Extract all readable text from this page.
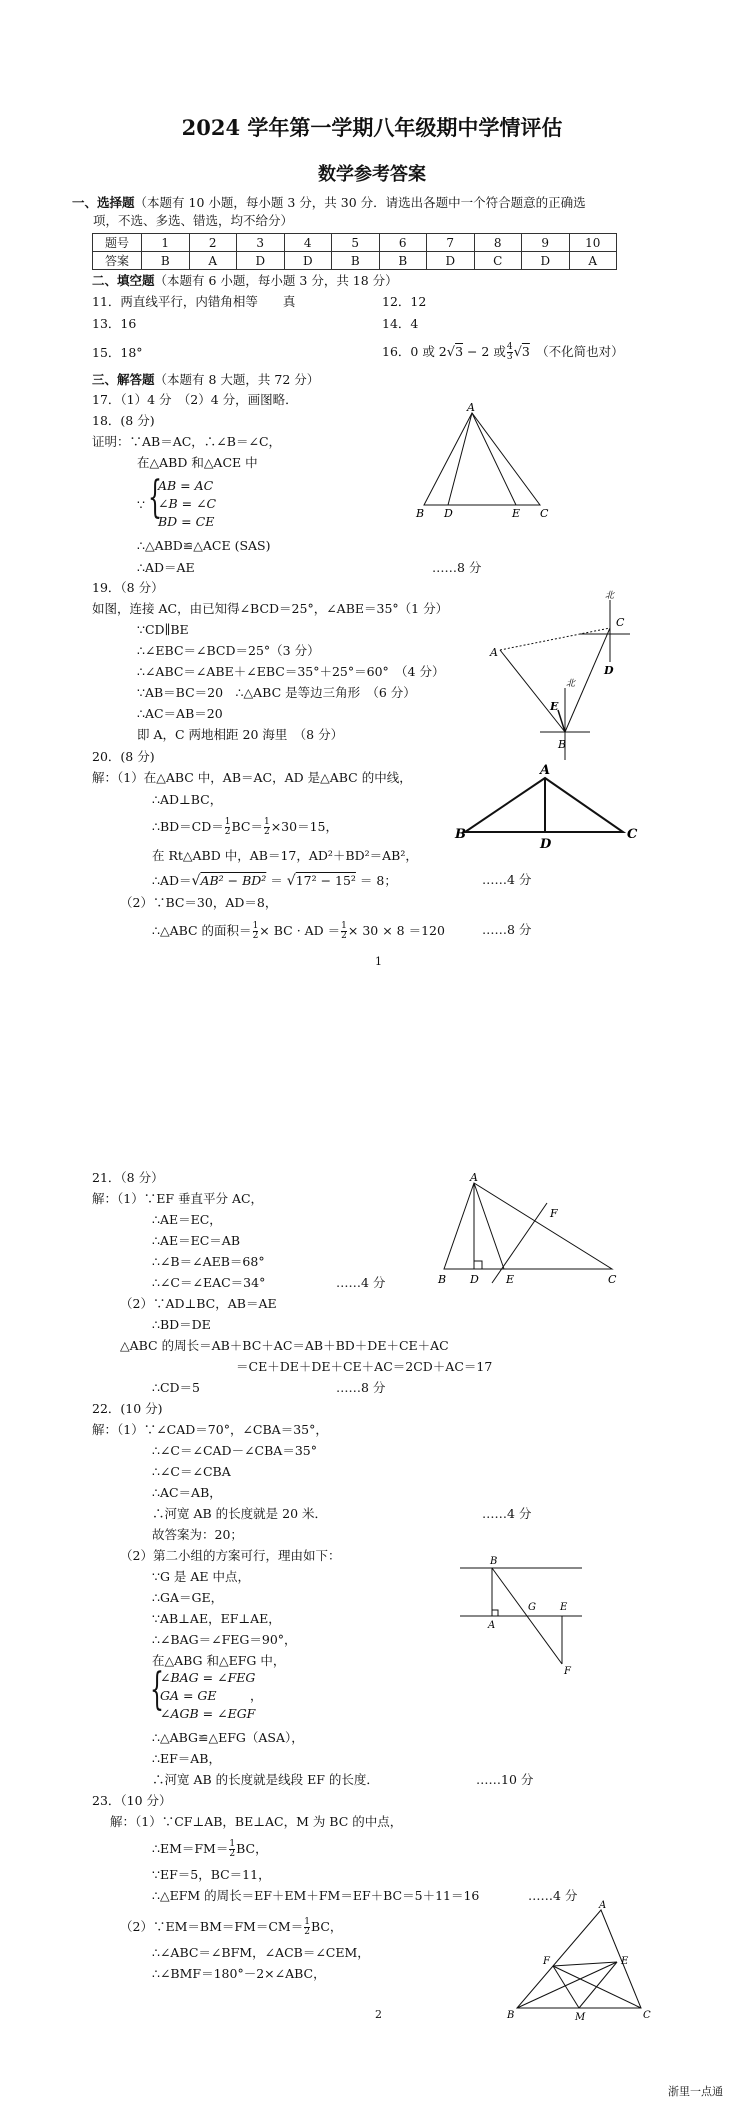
2024 学年第一学期八年级期中学情评估
数学参考答案
一、选择题（本题有 10 小题，每小题 3 分，共 30 分．请选出各题中一个符合题意的正确选
项，不选、多选、错选，均不给分）
题号	1	2	3	4	5	6	7	8	9	10
答案	B	A	D	D	B	B	D	C	D	A
二、填空题（本题有 6 小题，每小题 3 分，共 18 分）
11．两直线平行，内错角相等　　真	12．12
13．16	14．4
15．18°	16．0 或 2√3 − 2 或 $\frac{4}{3} √3$　 （不化简也对）
三、解答题（本题有 8 大题，共 72 分）
17．（1）4 分　（2）4 分，画图略．
18．(8 分)
证明：∵AB＝AC，∴∠B＝∠C，
在△ABD 和△ACE 中
∵ {
AB = AC
∠B = ∠C
BD = CE
∴△ABD≌△ACE (SAS)
∴AD＝AE	……8 分
A
B D	E C
19．（8 分）
如图，连接 AC，由已知得∠BCD＝25°，∠ABE＝35°（1 分）
∵CD∥BE
∴∠EBC＝∠BCD＝25°（3 分）
∴∠ABC＝∠ABE＋∠EBC＝35°＋25°＝60°　（4 分）
∵AB＝BC＝20　∴△ABC 是等边三角形　（6 分）
∴AC＝AB＝20
即 A，C 两地相距 20 海里　（8 分）
北
C
A
D
北
E
B
20．(8 分)
解：（1）在△ABC 中，AB＝AC，AD 是△ABC 的中线，
∴AD⊥BC，
∴BD＝CD＝ $\frac{1}{2} BC= \frac{1}{2} \times 30=15$，
在 Rt△ABD 中，AB＝17，AD²＋BD²＝AB²，
∴AD＝√AB² − BD² ＝ √17² − 15² ＝ 8；	……4 分
（2）∵BC＝30，AD＝8，
∴△ABC 的面积＝ $\frac{1}{2}$ × BC · AD ＝ $\frac{1}{2} \times 30 \times 8 =120$	……8 分
A
B
D
C
1
21．（8 分）
解：（1）∵EF 垂直平分 AC，
∴AE＝EC，
∴AE＝EC＝AB
∴∠B＝∠AEB＝68°
∴∠C＝∠EAC＝34°	……4 分
（2）∵AD⊥BC，AB＝AE
∴BD＝DE
△ABC 的周长＝AB＋BC＋AC＝AB＋BD＋DE＋CE＋AC
＝CE＋DE＋DE＋CE＋AC＝2CD＋AC＝17
∴CD＝5	……8 分
A
F
B D E	C
22．(10 分)
解：（1）∵∠CAD＝70°，∠CBA＝35°，
∴∠C＝∠CAD－∠CBA＝35°
∴∠C＝∠CBA
∴AC＝AB，
∴河宽 AB 的长度就是 20 米．	……4 分
故答案为：20；
（2）第二小组的方案可行，理由如下：
∵G 是 AE 中点，
∴GA＝GE，
∵AB⊥AE，EF⊥AE，
∴∠BAG＝∠FEG＝90°，
在△ABG 和△EFG 中，
{
∠BAG = ∠FEG
GA = GE
∠AGB = ∠EGF
，
∴△ABG≌△EFG（ASA），
∴EF＝AB，
∴河宽 AB 的长度就是线段 EF 的长度．	……10 分
B
G E
A
F
23．（10 分）
解：（1）∵CF⊥AB，BE⊥AC，M 为 BC 的中点，
∴EM＝FM＝ $\frac{1}{2}$ BC，
∵EF＝5，BC＝11，
∴△EFM 的周长＝EF＋EM＋FM＝EF＋BC＝5＋11＝16	……4 分
（2）∵EM＝BM＝FM＝CM＝ $\frac{1}{2}$ BC，
∴∠ABC＝∠BFM，∠ACB＝∠CEM，
∴∠BMF＝180°－2×∠ABC，
A
F	E
B	M	C
2
浙里一点通
